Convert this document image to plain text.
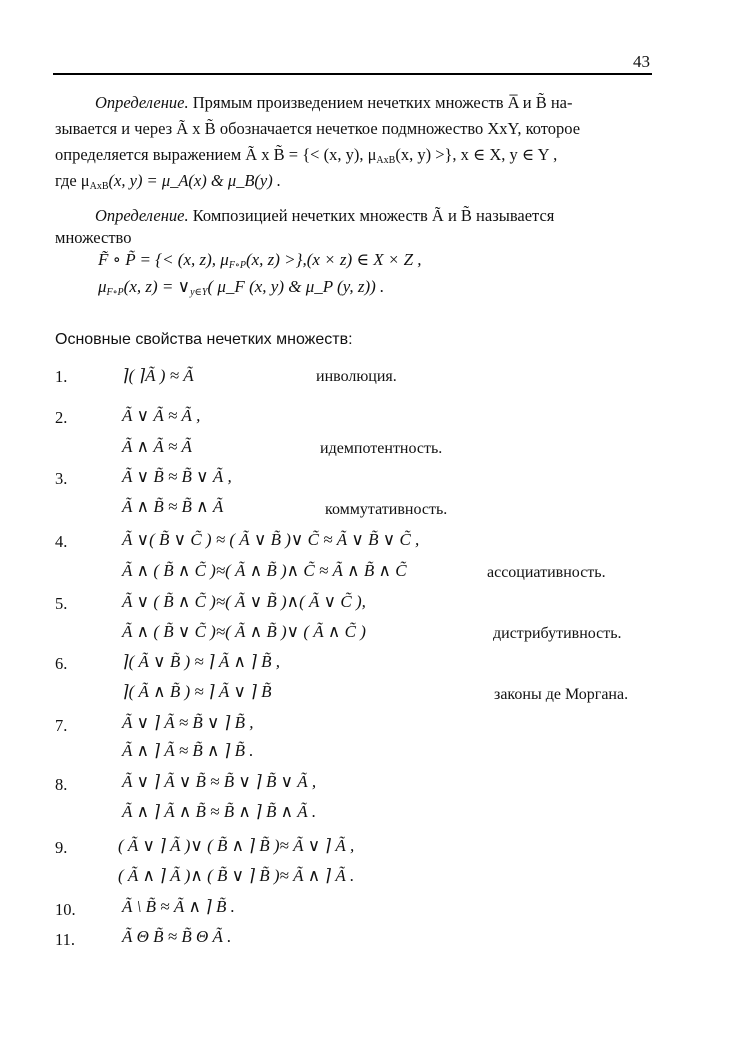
43
Определение. Прямым произведением нечетких множеств A̅ и B̃ на-
зывается и через Ã x B̃ обозначается нечеткое подмножество XxY, которое
определяется выражением Ã x B̃ = {< (x, y), $\mu_{AxB}(x$, y) >}, x ∈ X, y ∈ Y ,
где $\mu_{AxB}(x$, y) = μ_A(x) & μ_B(y) .
Определение. Композицией нечетких множеств Ã и B̃ называется
множество
F̃ ∘ P̃ = {< (x, z), $\mu_{F\circ P}(x$, z) >},(x × z) ∈ X × Z ,
$\mu_{F\circ P}(x$, $z) = \vee_{y\in Y}$( μ_F (x, y) & μ_P (y, z)) .
Основные свойства нечетких множеств:
1.	⌉( ⌉Ã ) ≈ Ã	инволюция.
2.	Ã ∨ Ã ≈ Ã ,
Ã ∧ Ã ≈ Ã	идемпотентность.
3.	Ã ∨ B̃ ≈ B̃ ∨ Ã ,
Ã ∧ B̃ ≈ B̃ ∧ Ã	коммутативность.
4.	Ã ∨( B̃ ∨ C̃ ) ≈ ( Ã ∨ B̃ )∨ C̃ ≈ Ã ∨ B̃ ∨ C̃ ,
Ã ∧ ( B̃ ∧ C̃ )≈( Ã ∧ B̃ )∧ C̃ ≈ Ã ∧ B̃ ∧ C̃	ассоциативность.
5.	Ã ∨ ( B̃ ∧ C̃ )≈( Ã ∨ B̃ )∧( Ã ∨ C̃ ),
Ã ∧ ( B̃ ∨ C̃ )≈( Ã ∧ B̃ )∨ ( Ã ∧ C̃ )	дистрибутивность.
6.	⌉( Ã ∨ B̃ ) ≈ ⌉ Ã ∧ ⌉ B̃ ,
⌉( Ã ∧ B̃ ) ≈ ⌉ Ã ∨ ⌉ B̃	законы де Моргана.
7.	Ã ∨ ⌉ Ã ≈ B̃ ∨ ⌉ B̃ ,
Ã ∧ ⌉ Ã ≈ B̃ ∧ ⌉ B̃ .
8.	Ã ∨ ⌉ Ã ∨ B̃ ≈ B̃ ∨ ⌉ B̃ ∨ Ã ,
Ã ∧ ⌉ Ã ∧ B̃ ≈ B̃ ∧ ⌉ B̃ ∧ Ã .
9.	( Ã ∨ ⌉ Ã )∨ ( B̃ ∧ ⌉ B̃ )≈ Ã ∨ ⌉ Ã ,
( Ã ∧ ⌉ Ã )∧ ( B̃ ∨ ⌉ B̃ )≈ Ã ∧ ⌉ Ã .
10.	Ã \ B̃ ≈ Ã ∧ ⌉ B̃ .
11.	Ã Θ B̃ ≈ B̃ Θ Ã .
